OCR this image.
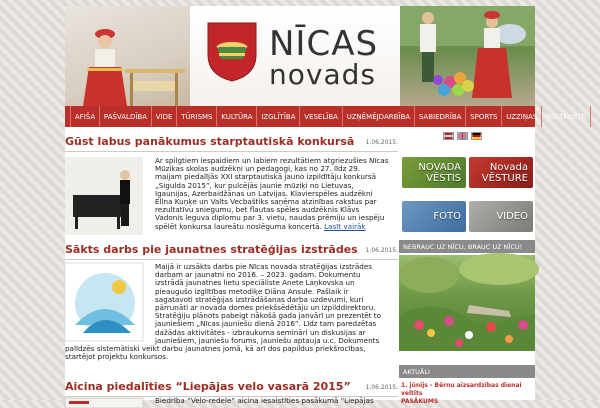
NĪCAS
novads
AFIŠA	PAŠVALDĪBA	VIDE	TŪRISMS	KULTŪRA	IZGLĪTĪBA	VESELĪBA	UZŅĒMĒJDARBĪBA	SABIEDRĪBA	SPORTS	UZZIŅAS	PASTKASTE
Gūst labus panākumus starptautiskā konkursā 1.06.2015.
Ar spilgtiem iespaidiem un labiem rezultātiem atgriezušies Nīcas
Mūzikas skolas audzēkņi un pedagogi, kas no 27. līdz 29.
maijam piedalījās XXI starptautiskā jauno izpildītāju konkursā
„Sigulda 2015”, kur pulcējās jaunie mūziķi no Lietuvas,
Igaunijas, Azerbaidžānas un Latvijas. Klavierspēles audzēkni
Ellna Kuņķe un Valts Vecbaštiks saņēma atzinības rakstus par
rezultatīvu sniegumu, bet flautas spēles audzēknis Klāvs
Vadonis leguva diplomu par 3. vietu, naudas prēmiju un iespēju
spēlēt konkursa laureātu noslēguma koncertā. Lasīt vairāk
Sākts darbs pie jaunatnes stratēģijas izstrādes 1.06.2015.
Maijā ir uzsākts darbs pie Nīcas novada stratēģijas izstrādes
darbam ar jaunatni no 2016. – 2023. gadam. Dokumentu
izstrādā jaunatnes lietu speciāliste Anete Laņkovska un
pieaugušo izglītības metodiķe Diāna Ansule. Pašlaik ir
sagatavoti stratēģijas izstrādāšanas darba uzdevumi, kuri
pārrunāti ar novada domes priekšsēdētāju un izpilddirektoru.
Stratēģiju plānots pabeigt nākošā gada janvārī un prezentēt to
jauniešiem „Nīcas jauniešu dienā 2016”. Līdz tam paredzētas
dažādas aktivitātes - izbraukuma semināri un diskusijas ar
jauniešiem, jauniešu forums, jauniešu aptauja u.c. Dokuments
palīdzēs sistemātiski veikt darbu jaunatnes jomā, kā arī dos papildus priekšrocības,
startējot projektu konkursos.
Aicina piedalīties “Liepājas velo vasarā 2015” 1.06.2015.
Biedrība “Velo-redele” aicina iesaistīties pasākumā “Liepājas
NOVADA
VĒSTIS
Novada
VĒSTURE
FOTO	VIDEO
NEBRAUC UZ NĪCU, BRAUC UZ NĪCU!
AKTUĀLI
1. jūnijs - Bērnu aizsardzības dienai veltīts
PASĀKUMS
